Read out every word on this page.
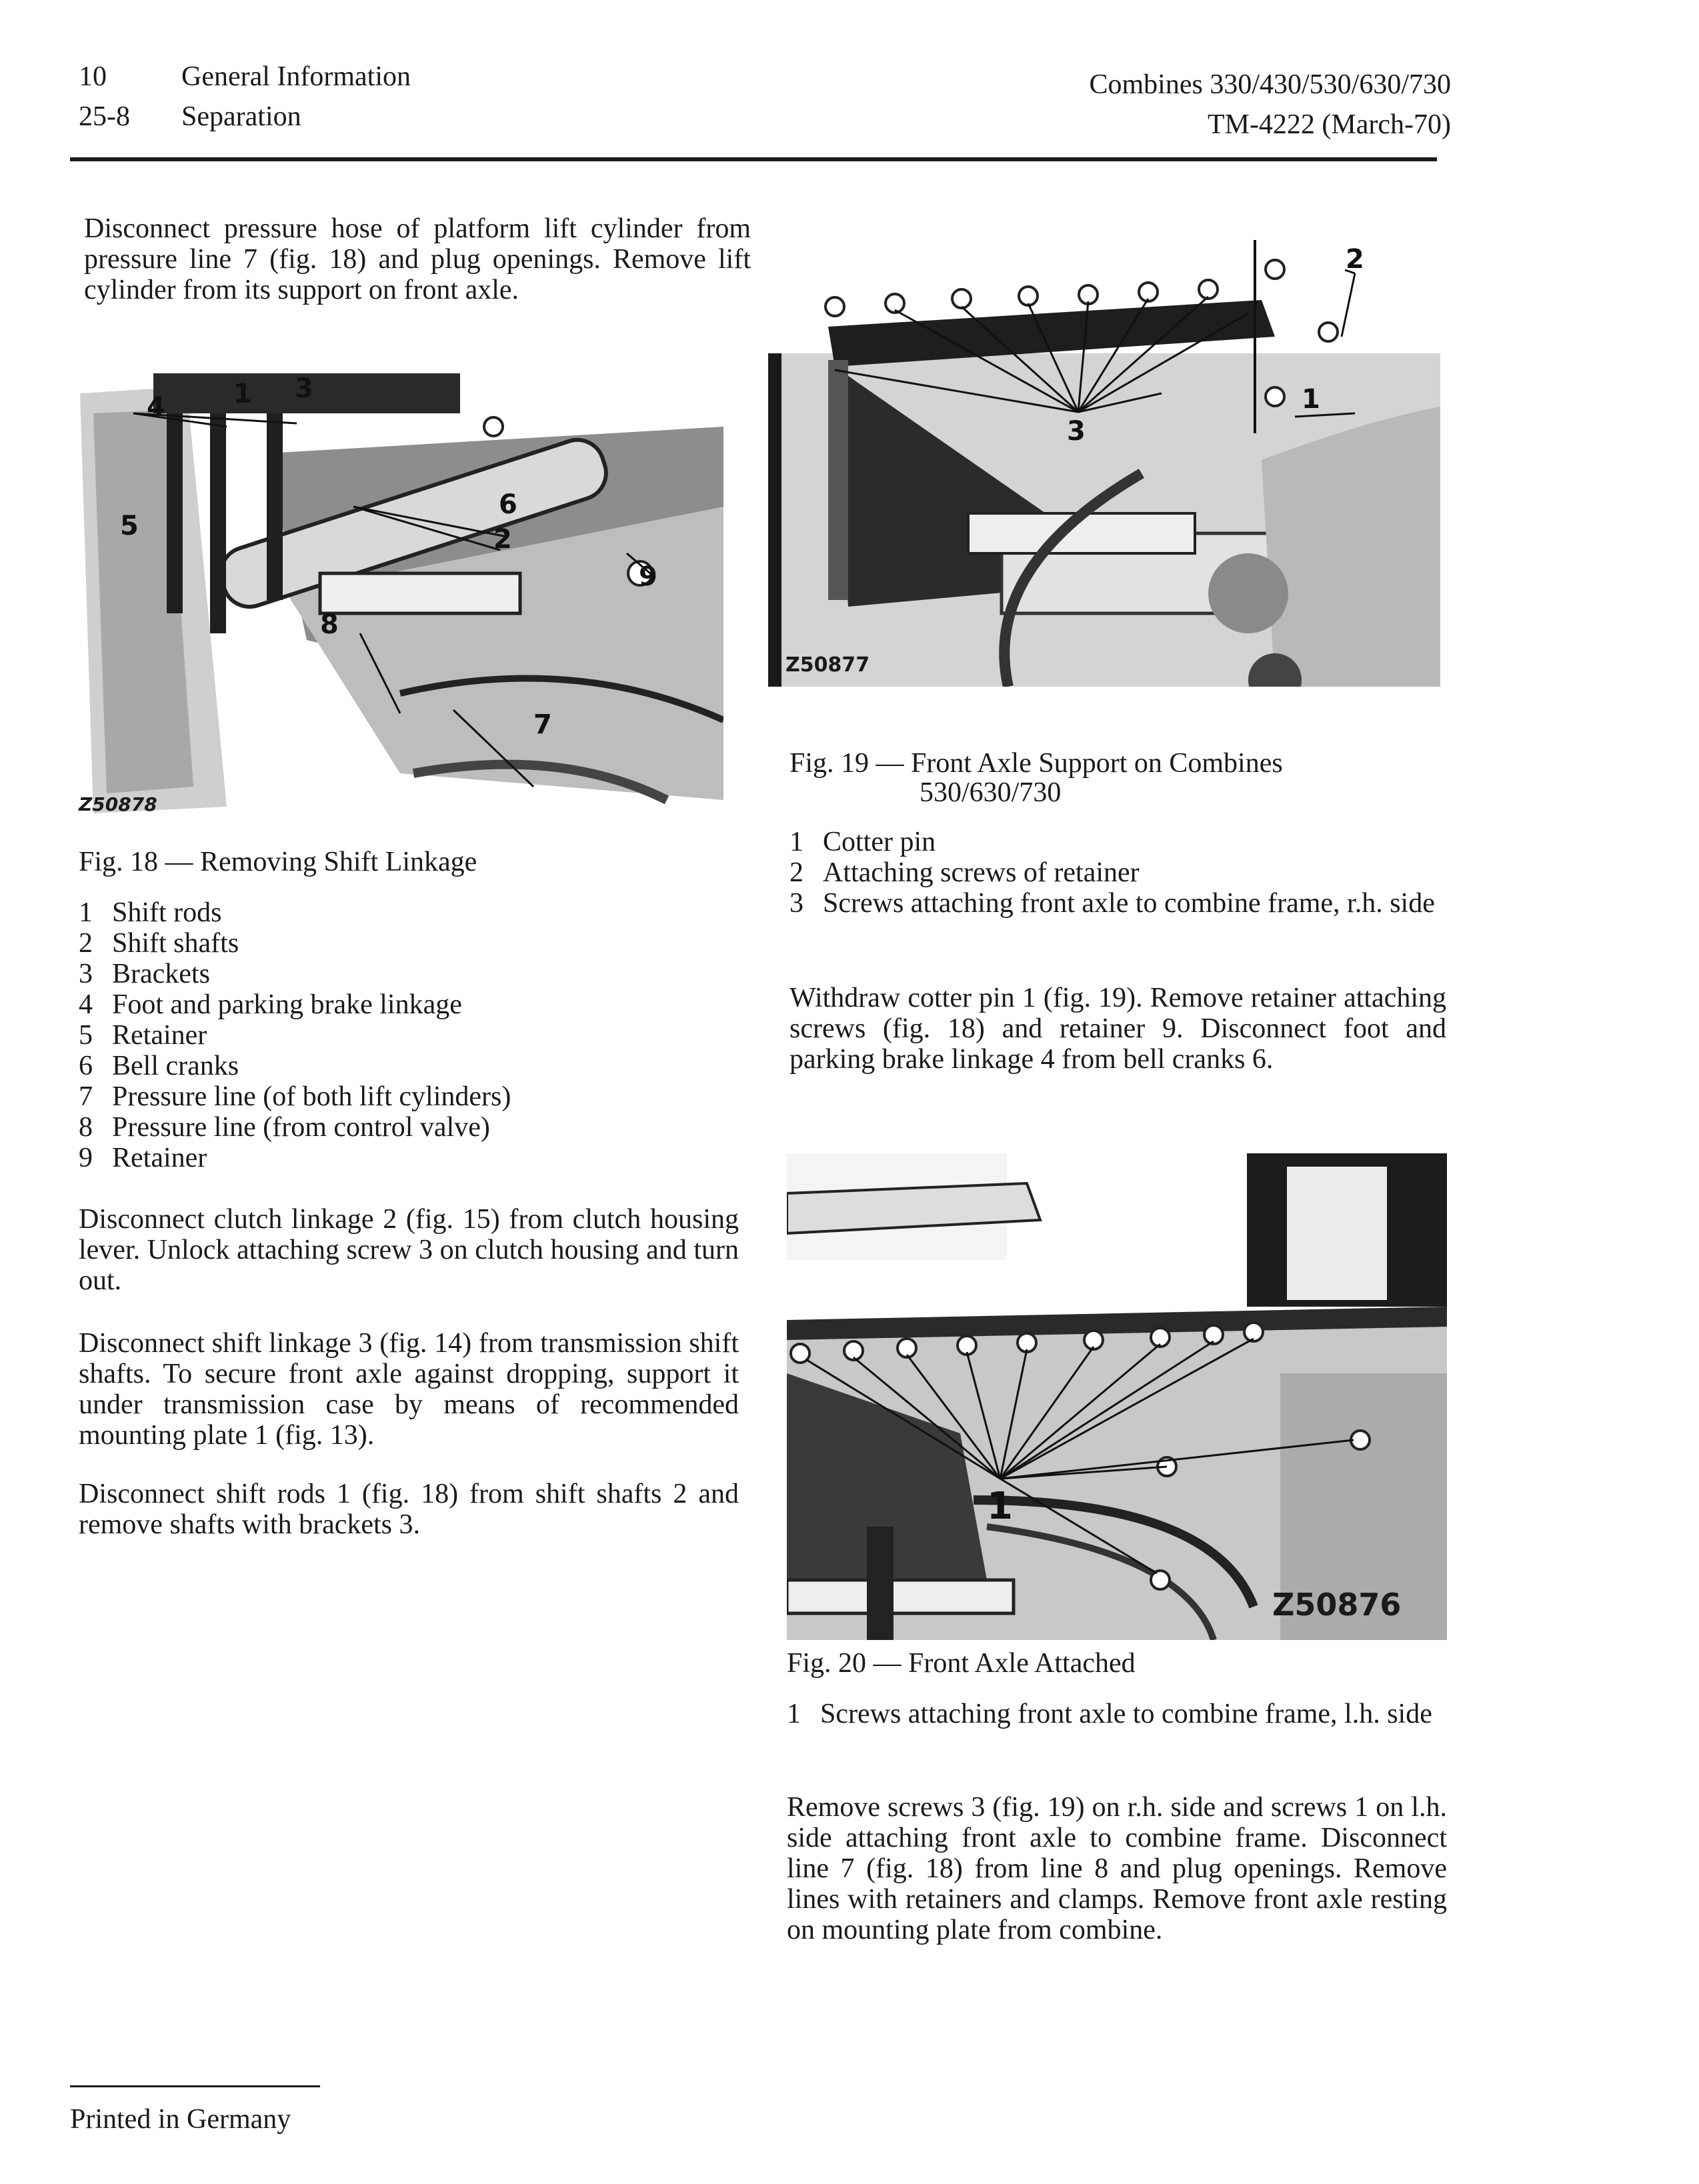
10
25-8
General Information
Separation
Combines 330/430/530/630/730
TM-4222 (March-70)
Disconnect pressure hose of platform lift cylinder from pressure line 7 (fig. 18) and plug openings. Remove lift cylinder from its support on front axle.
4	1 3
5
6
2
9
8
7
Z50878
Fig. 18 — Removing Shift Linkage
1 Shift rods
2 Shift shafts
3 Brackets
4 Foot and parking brake linkage
5 Retainer
6 Bell cranks
7 Pressure line (of both lift cylinders)
8 Pressure line (from control valve)
9 Retainer
Disconnect clutch linkage 2 (fig. 15) from clutch housing lever. Unlock attaching screw 3 on clutch housing and turn out.
Disconnect shift linkage 3 (fig. 14) from transmission shift shafts. To secure front axle against dropping, support it under transmission case by means of recommended mounting plate 1 (fig. 13).
Disconnect shift rods 1 (fig. 18) from shift shafts 2 and remove shafts with brackets 3.
3
2
1
Z50877
Fig. 19 — Front Axle Support on Combines
530/630/730
1 Cotter pin
2 Attaching screws of retainer
3 Screws attaching front axle to combine frame, r.h. side
Withdraw cotter pin 1 (fig. 19). Remove retainer attaching screws (fig. 18) and retainer 9. Disconnect foot and parking brake linkage 4 from bell cranks 6.
1
Z50876
Fig. 20 — Front Axle Attached
1 Screws attaching front axle to combine frame, l.h. side
Remove screws 3 (fig. 19) on r.h. side and screws 1 on l.h. side attaching front axle to combine frame. Disconnect line 7 (fig. 18) from line 8 and plug openings. Remove lines with retainers and clamps. Remove front axle resting on mounting plate from combine.
Printed in Germany
